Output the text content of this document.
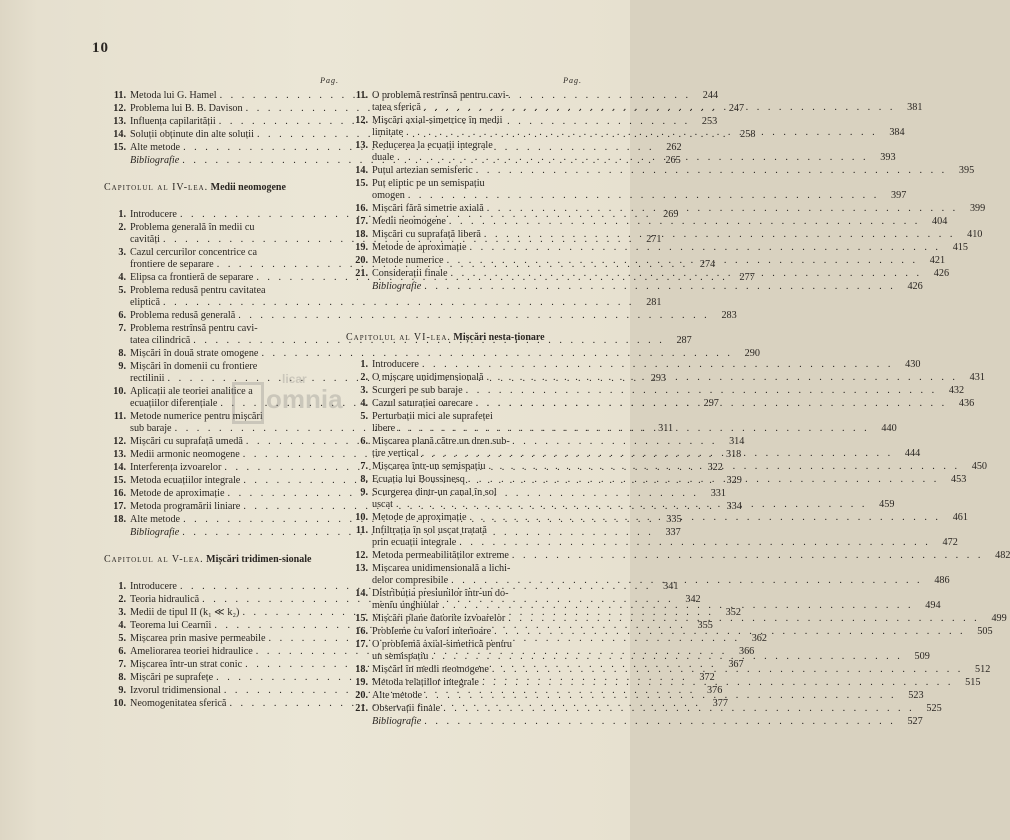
10
Pag.
11. Metoda lui G. Hamel . . .	244
12. Problema lui B. B. Davison . . .	247
13. Influența capilarității . . .	253
14. Soluții obținute din alte soluții . . .	258
15. Alte metode . . .	262
Bibliografie . . .	265
Capitolul al IV-lea. Medii neomogene
1. Introducere . . .	269
2. Problema generală în medii cu
cavități . . .	271
3. Cazul cercurilor concentrice ca
frontiere de separare . . .	274
4. Elipsa ca frontieră de separare . . .	277
5. Problema redusă pentru cavitatea
eliptică . . .	281
6. Problema redusă generală . . .	283
7. Problema restrînsă pentru cavi-
tatea cilindrică . . .	287
8. Mișcări în două strate omogene . . .	290
9. Mișcări în domenii cu frontiere
rectilinii . . .	293
10. Aplicații ale teoriei analitice a
ecuațiilor diferențiale . . .	297
11. Metode numerice pentru mișcări
sub baraje . . .	311
12. Mișcări cu suprafață umedă . . .	314
13. Medii armonic neomogene . . .	318
14. Interferența izvoarelor . . .	322
15. Metoda ecuațiilor integrale . . .	329
16. Metode de aproximație . . .	331
17. Metoda programării liniare . . .	334
18. Alte metode . . .	335
Bibliografie . . .	337
Capitolul al V-lea. Mișcări tridimen-sionale
1. Introducere . . .	341
2. Teoria hidraulică . . .	342
3. Medii de tipul II (k₁ ≪ k₂) . . .	352
4. Teorema lui Cearnîi . . .	355
5. Mișcarea prin masive permeabile . . .	362
6. Ameliorarea teoriei hidraulice . . .	366
7. Mișcarea într-un strat conic . . .	367
8. Mișcări pe suprafețe . . .	372
9. Izvorul tridimensional . . .	376
10. Neomogenitatea sferică . . .	377
Pag.
11. O problemă restrînsă pentru cavi-
tatea sferică . . .	381
12. Mișcări axial-simetrice în medii
limitate . . .	384
13. Reducerea la ecuații integrale
duale . . .	393
14. Puțul artezian semisferic . . .	395
15. Puț eliptic pe un semispațiu
omogen . . .	397
16. Mișcări fără simetrie axială . . .	399
17. Medii neomogene . . .	404
18. Mișcări cu suprafață liberă . . .	410
19. Metode de aproximație . . .	415
20. Metode numerice . . .	421
21. Considerații finale . . .	426
Bibliografie . . .	426
Capitolul al VI-lea. Mișcări nesta-ționare
1. Introducere . . .	430
2. O mișcare unidimensională . . .	431
3. Scurgeri pe sub baraje . . .	432
4. Cazul saturației oarecare . . .	436
5. Perturbații mici ale suprafeței
libere . . .	440
6. Mișcarea plană către un dren sub-
țire vertical . . .	444
7. Mișcarea într-un semispațiu . . .	450
8. Ecuația lui Boussinesq . . .	453
9. Scurgerea dintr-un canal în sol
uscat . . .	459
10. Metode de aproximație . . .	461
11. Infiltrația în sol uscat tratată
prin ecuații integrale . . .	472
12. Metoda permeabilităților extreme . . .	482
13. Mișcarea unidimensională a lichi-
delor compresibile . . .	486
14. Distribuția presiunilor într-un do-
meniu unghiular . . .	494
15. Mișcări plane datorite izvoarelor . . .	499
16. Probleme cu valori interioare . . .	505
17. O problemă axial-simetrică pentru
un semispațiu . . .	509
18. Mișcări în medii neomogene . . .	512
19. Metoda relațiilor integrale . . .	515
20. Alte metode . . .	523
21. Observații finale . . .	525
Bibliografie . . .	527
licar
omnia
